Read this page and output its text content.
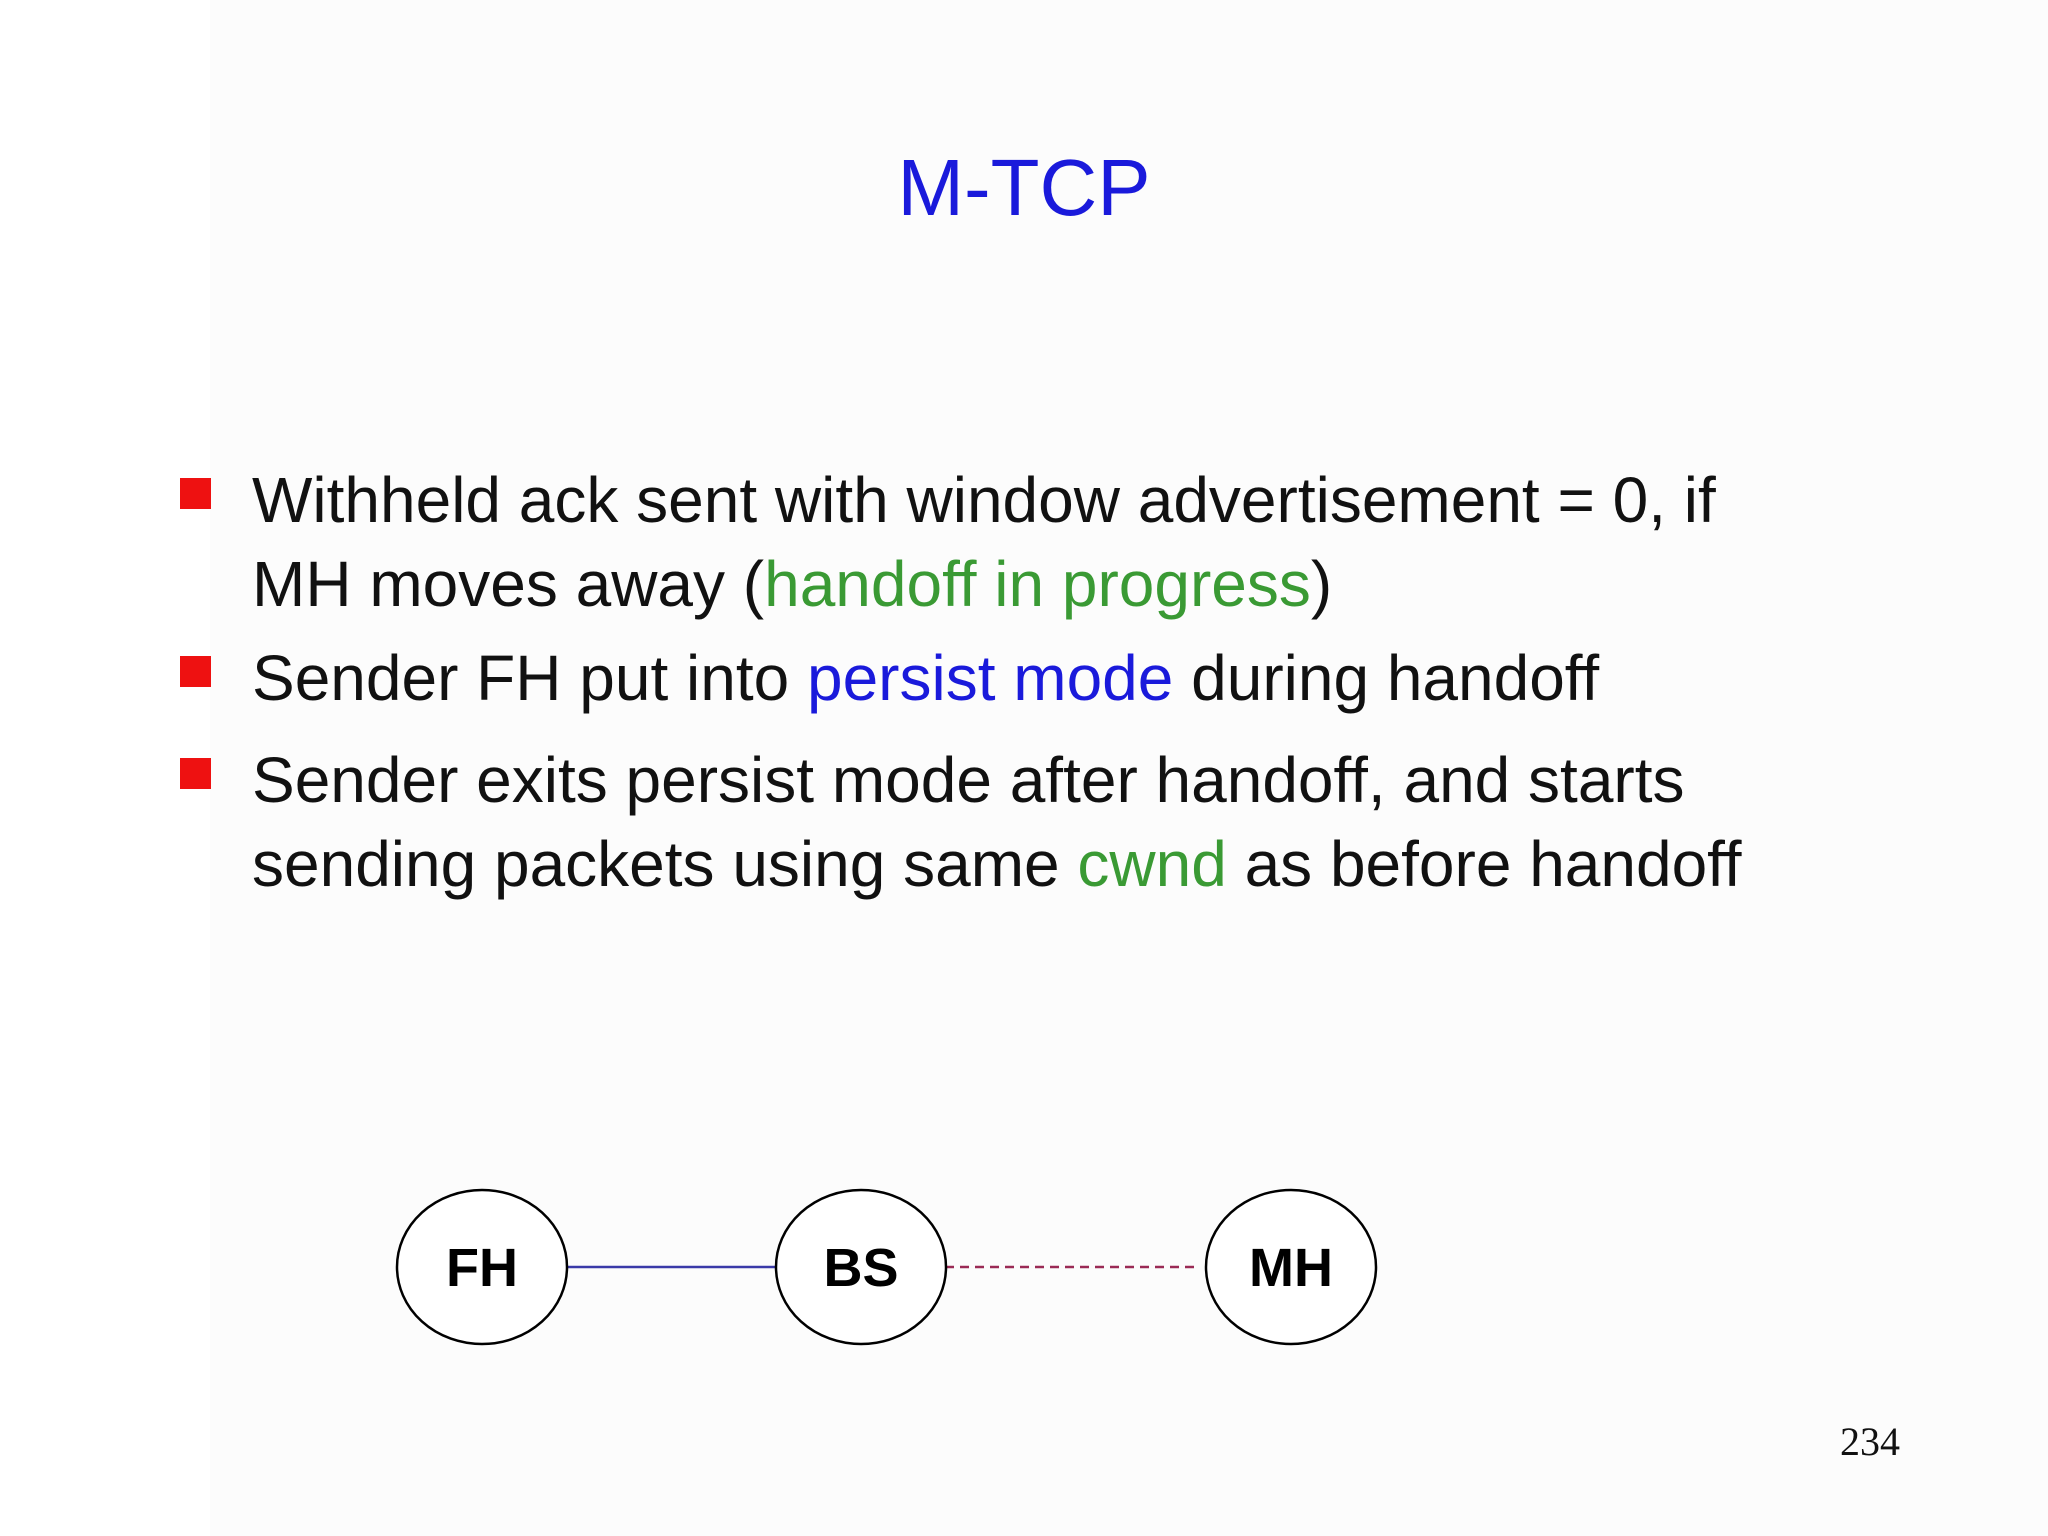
M-TCP
Withheld ack sent with window advertisement = 0, if
MH moves away (handoff in progress)
Sender FH put into persist mode during handoff
Sender exits persist mode after handoff, and starts
sending packets using same cwnd as before handoff
FH	BS	MH
234
